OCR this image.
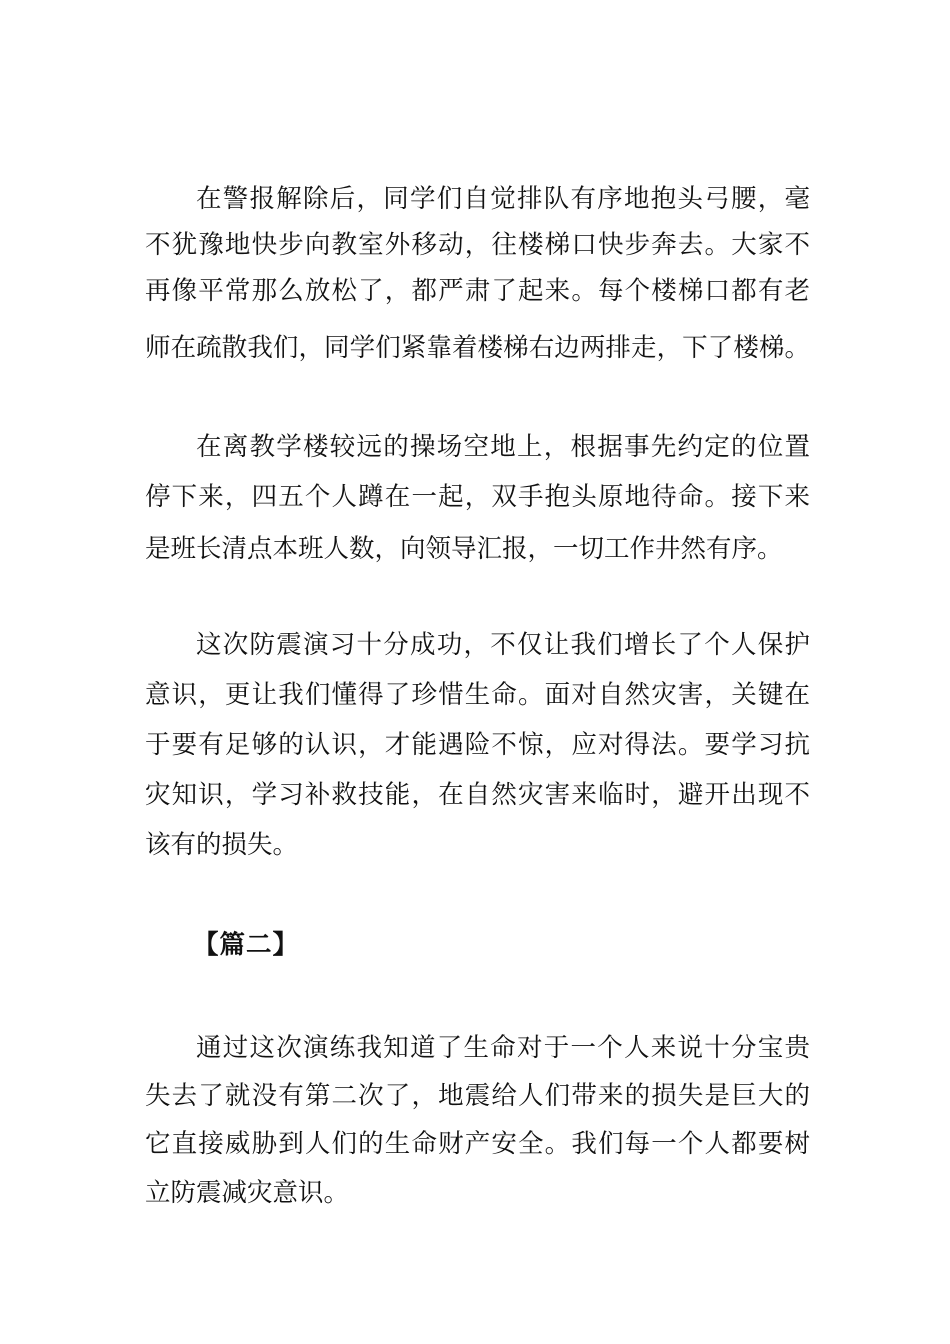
在警报解除后，同学们自觉排队有序地抱头弓腰，毫
不犹豫地快步向教室外移动，往楼梯口快步奔去。大家不
再像平常那么放松了，都严肃了起来。每个楼梯口都有老
师在疏散我们，同学们紧靠着楼梯右边两排走，下了楼梯。
在离教学楼较远的操场空地上，根据事先约定的位置
停下来，四五个人蹲在一起，双手抱头原地待命。接下来
是班长清点本班人数，向领导汇报，一切工作井然有序。
这次防震演习十分成功，不仅让我们增长了个人保护
意识，更让我们懂得了珍惜生命。面对自然灾害，关键在
于要有足够的认识，才能遇险不惊，应对得法。要学习抗
灾知识，学习补救技能，在自然灾害来临时，避开出现不
该有的损失。
【篇二】
通过这次演练我知道了生命对于一个人来说十分宝贵
失去了就没有第二次了，地震给人们带来的损失是巨大的
它直接威胁到人们的生命财产安全。我们每一个人都要树
立防震减灾意识。
